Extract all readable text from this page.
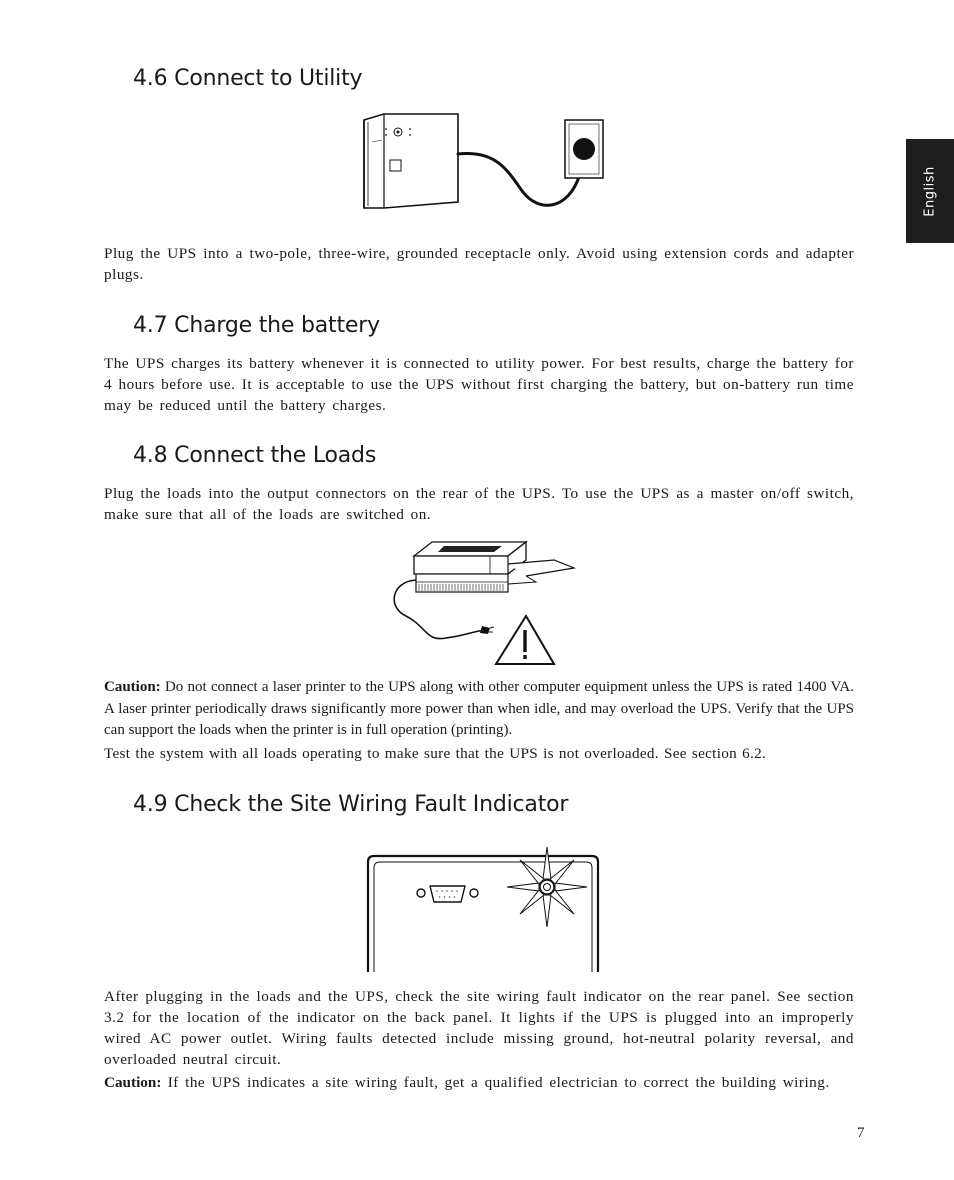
English
4.6 Connect to Utility

Plug the UPS into a two-pole, three-wire, grounded receptacle only. Avoid using extension cords and adapter plugs.

4.7 Charge the battery

The UPS charges its battery whenever it is connected to utility power. For best results, charge the battery for 4 hours before use. It is acceptable to use the UPS without first charging the battery, but on-battery run time may be reduced until the battery charges.

4.8 Connect the Loads

Plug the loads into the output connectors on the rear of the UPS. To use the UPS as a master on/off switch, make sure that all of the loads are switched on.

Caution: Do not connect a laser printer to the UPS along with other computer equipment unless the UPS is rated 1400 VA. A laser printer periodically draws significantly more power than when idle, and may overload the UPS. Verify that the UPS can support the loads when the printer is in full operation (printing).

Test the system with all loads operating to make sure that the UPS is not overloaded. See section 6.2.

4.9 Check the Site Wiring Fault Indicator

After plugging in the loads and the UPS, check the site wiring fault indicator on the rear panel. See section 3.2 for the location of the indicator on the back panel. It lights if the UPS is plugged into an improperly wired AC power outlet. Wiring faults detected include missing ground, hot-neutral polarity reversal, and overloaded neutral circuit.

Caution: If the UPS indicates a site wiring fault, get a qualified electrician to correct the building wiring.

7
